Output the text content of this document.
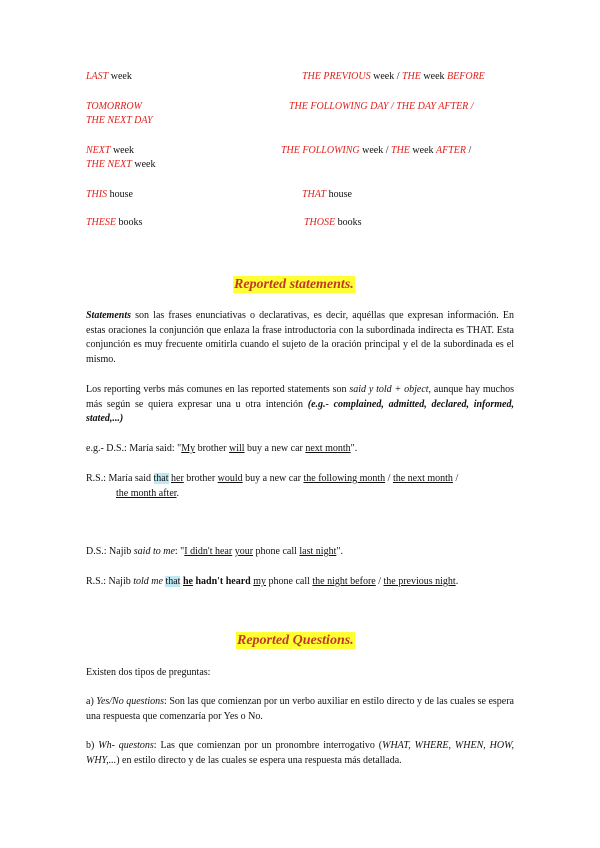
LAST week	THE PREVIOUS week / THE week BEFORE
TOMORROW	THE FOLLOWING DAY / THE DAY AFTER /
THE NEXT DAY
NEXT week	THE FOLLOWING week / THE week AFTER /
THE NEXT week
THIS house	THAT house
THESE books	THOSE books
Reported statements.
Statements son las frases enunciativas o declarativas, es decir, aquéllas que expresan información. En estas oraciones la conjunción que enlaza la frase introductoria con la subordinada indirecta es THAT. Esta conjunción es muy frecuente omitirla cuando el sujeto de la oración principal y el de la subordinada es el mismo.
Los reporting verbs más comunes en las reported statements son said y told + object, aunque hay muchos más según se quiera expresar una u otra intención (e.g.- complained, admitted, declared, informed, stated,...)
e.g.- D.S.: María said: "My brother will buy a new car next month".
R.S.: María said that her brother would buy a new car the following month / the next month /
the month after.
D.S.: Najib said to me: "I didn't hear your phone call last night".
R.S.: Najib told me that he hadn't heard my phone call the night before / the previous night.
Reported Questions.
Existen dos tipos de preguntas:
a) Yes/No questions: Son las que comienzan por un verbo auxiliar en estilo directo y de las cuales se espera una respuesta que comenzaría por Yes o No.
b) Wh- questons: Las que comienzan por un pronombre interrogativo (WHAT, WHERE, WHEN, HOW, WHY,...) en estilo directo y de las cuales se espera una respuesta más detallada.
